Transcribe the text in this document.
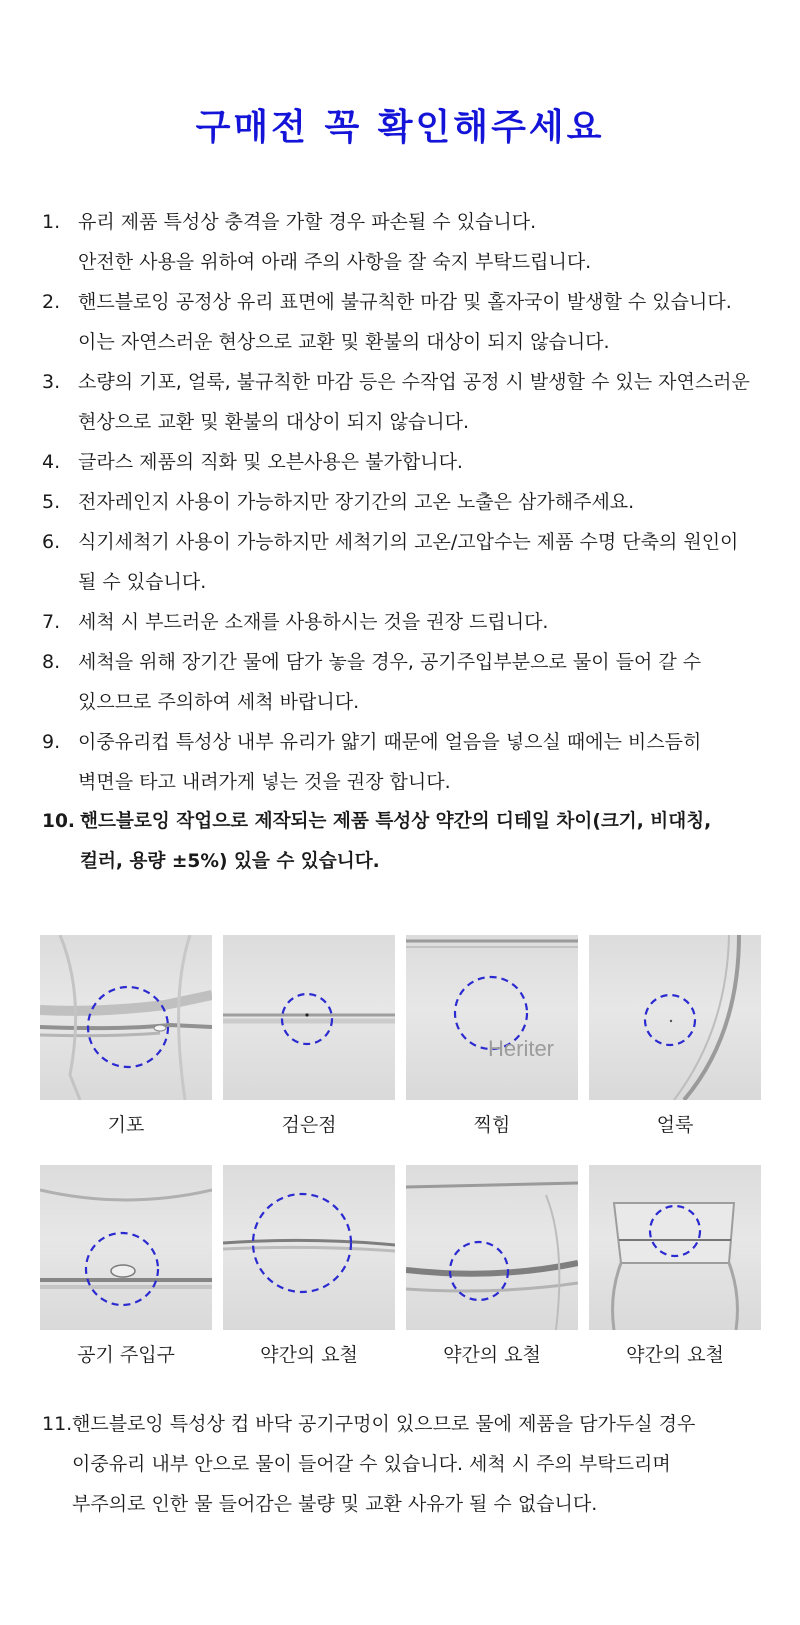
구매전 꼭 확인해주세요
1. 유리 제품 특성상 충격을 가할 경우 파손될 수 있습니다.
안전한 사용을 위하여 아래 주의 사항을 잘 숙지 부탁드립니다.
2. 핸드블로잉 공정상 유리 표면에 불규칙한 마감 및 홀자국이 발생할 수 있습니다.
이는 자연스러운 현상으로 교환 및 환불의 대상이 되지 않습니다.
3. 소량의 기포, 얼룩, 불규칙한 마감 등은 수작업 공정 시 발생할 수 있는 자연스러운
현상으로 교환 및 환불의 대상이 되지 않습니다.
4. 글라스 제품의 직화 및 오븐사용은 불가합니다.
5. 전자레인지 사용이 가능하지만 장기간의 고온 노출은 삼가해주세요.
6. 식기세척기 사용이 가능하지만 세척기의 고온/고압수는 제품 수명 단축의 원인이
될 수 있습니다.
7. 세척 시 부드러운 소재를 사용하시는 것을 권장 드립니다.
8. 세척을 위해 장기간 물에 담가 놓을 경우, 공기주입부분으로 물이 들어 갈 수
있으므로 주의하여 세척 바랍니다.
9. 이중유리컵 특성상 내부 유리가 얇기 때문에 얼음을 넣으실 때에는 비스듬히
벽면을 타고 내려가게 넣는 것을 권장 합니다.
10. 핸드블로잉 작업으로 제작되는 제품 특성상 약간의 디테일 차이(크기, 비대칭,
컬러, 용량 ±5%) 있을 수 있습니다.
기포	검은점
Heriter
찍힘	얼룩
공기 주입구	약간의 요철	약간의 요철	약간의 요철
11. 핸드블로잉 특성상 컵 바닥 공기구멍이 있으므로 물에 제품을 담가두실 경우
이중유리 내부 안으로 물이 들어갈 수 있습니다. 세척 시 주의 부탁드리며
부주의로 인한 물 들어감은 불량 및 교환 사유가 될 수 없습니다.
